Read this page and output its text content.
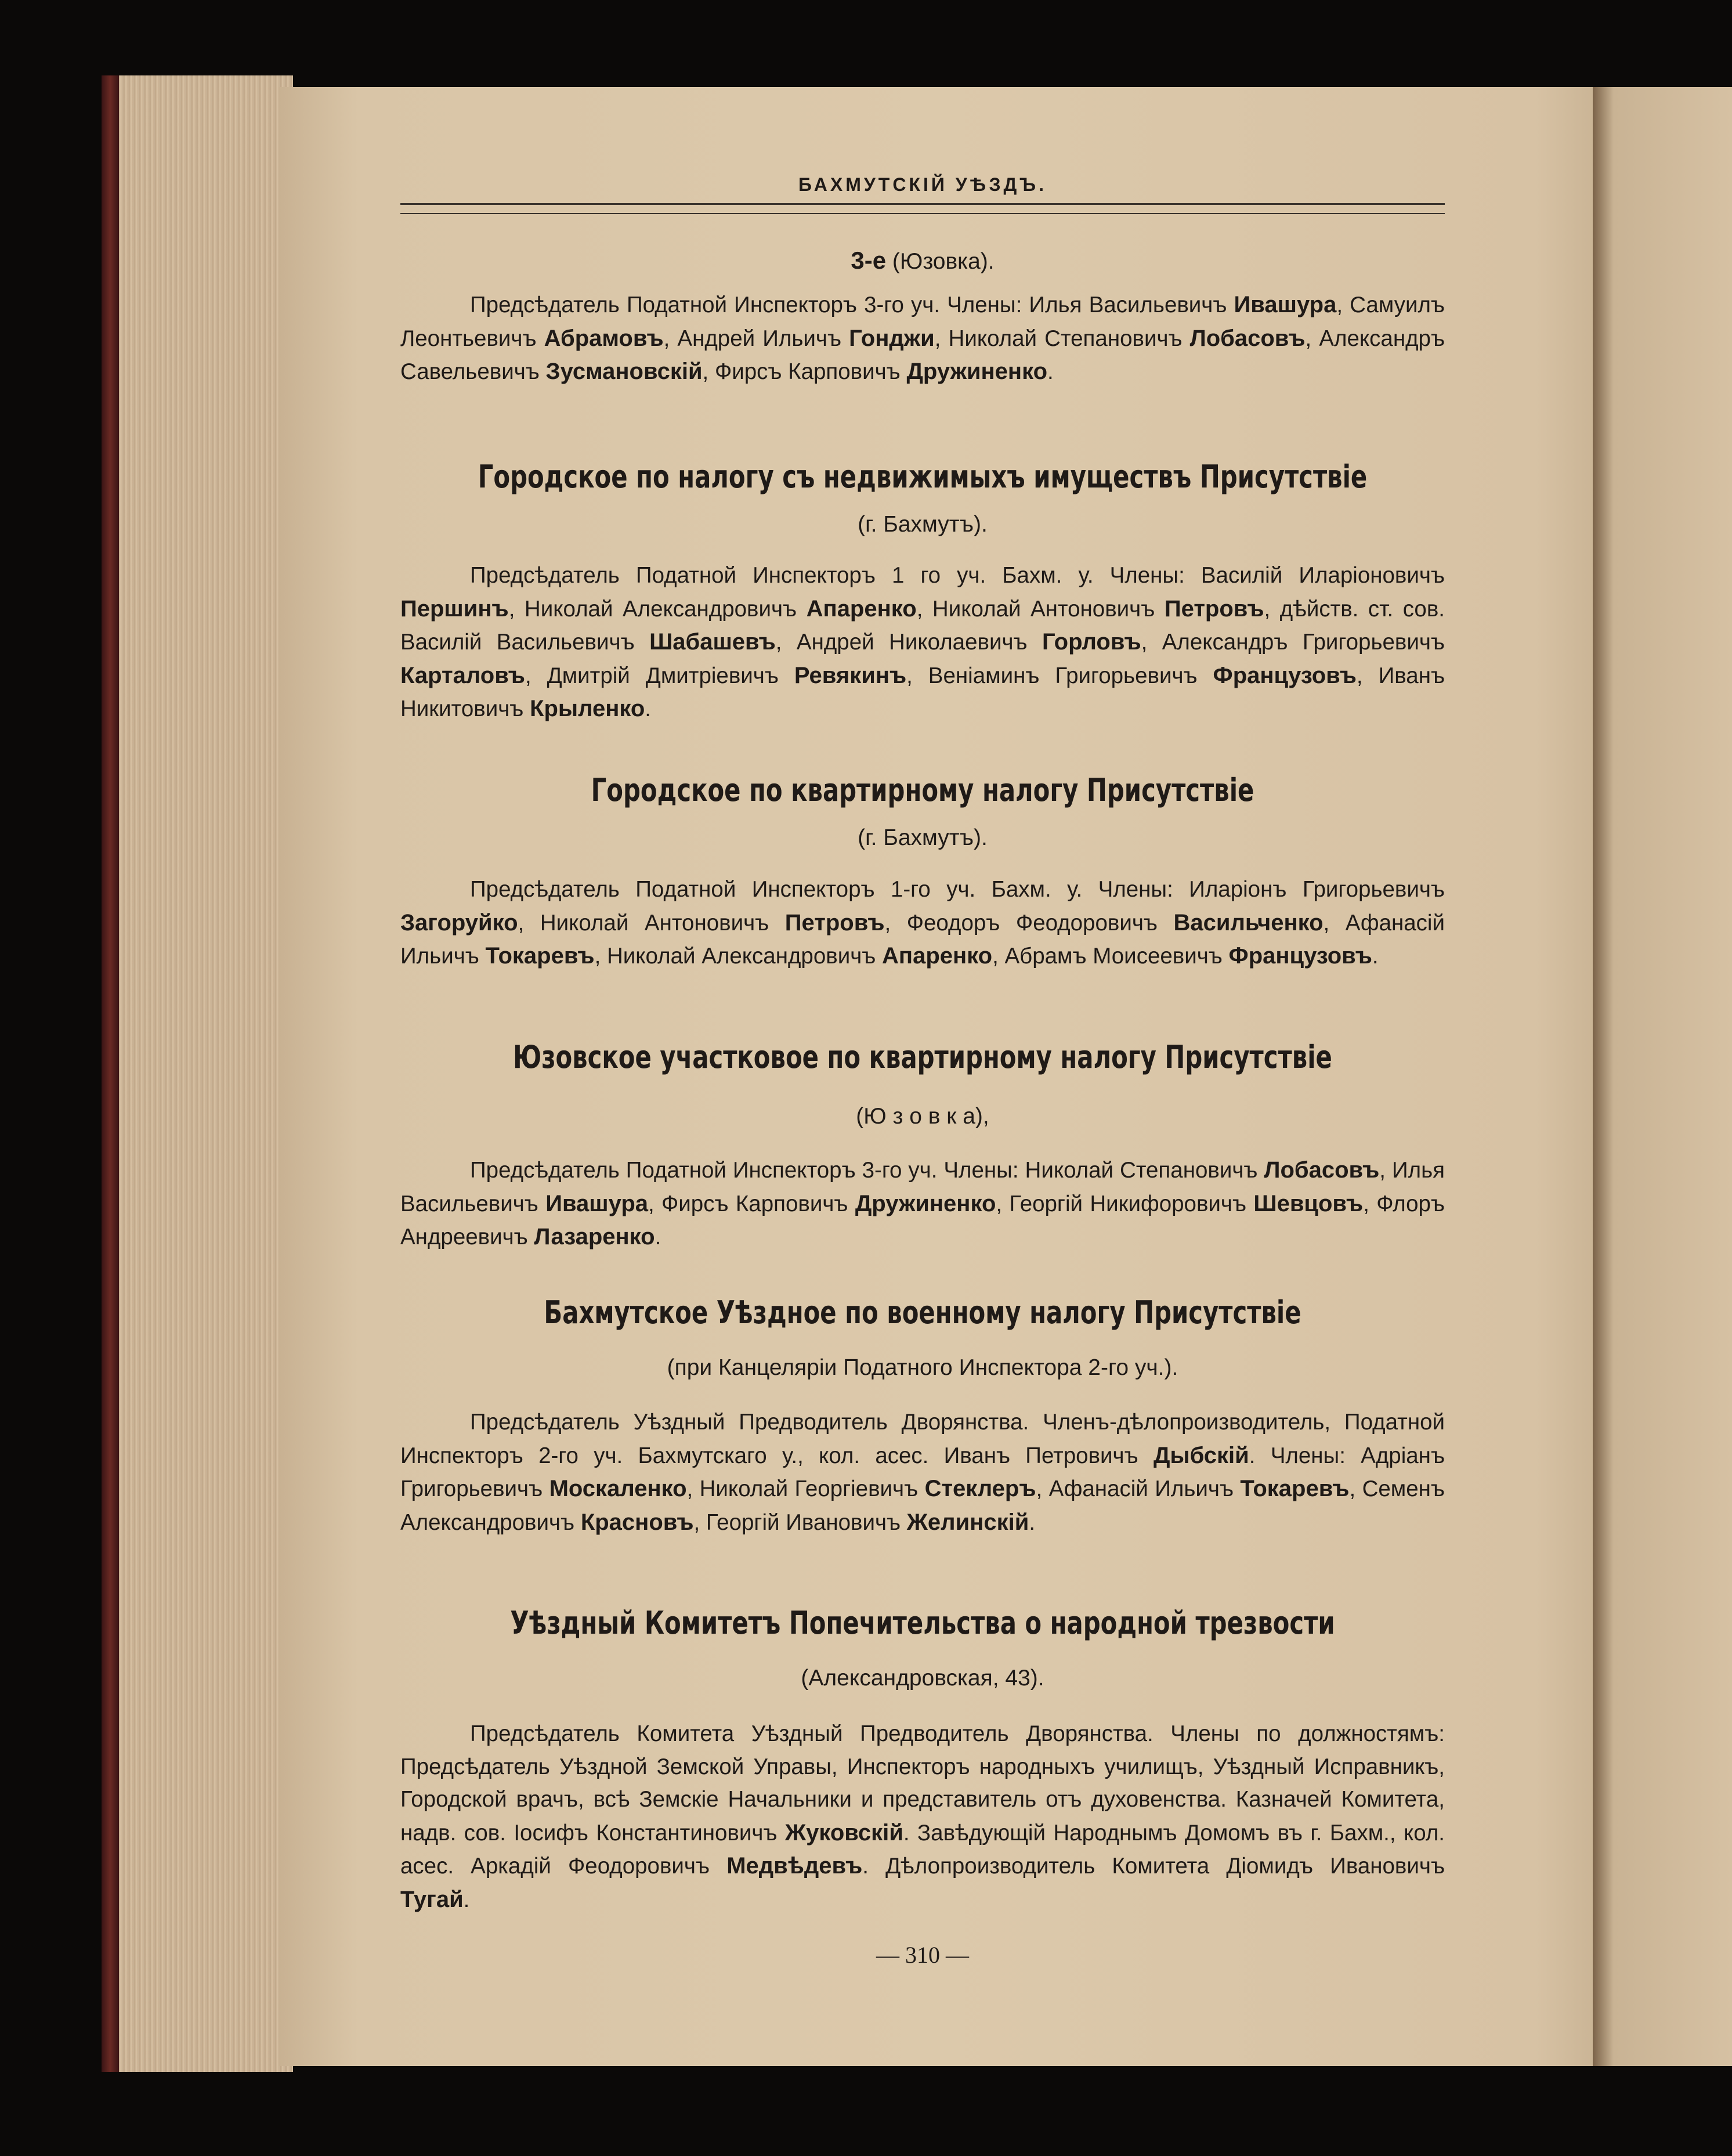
БАХМУТСКІЙ УѢЗДЪ.
3-е (Юзовка).
Предсѣдатель Податной Инспекторъ 3-го уч. Члены: Илья Васильевичъ Ивашура, Самуилъ Леонтьевичъ Абрамовъ, Андрей Ильичъ Гонджи, Николай Степановичъ Лобасовъ, Александръ Савельевичъ Зусмановскій, Фирсъ Карповичъ Дружиненко.
Городское по налогу съ недвижимыхъ имуществъ Присутствіе
(г. Бахмутъ).
Предсѣдатель Податной Инспекторъ 1 го уч. Бахм. у. Члены: Василій Иларіоновичъ Першинъ, Николай Александровичъ Апаренко, Николай Антоновичъ Петровъ, дѣйств. ст. сов. Василій Васильевичъ Шабашевъ, Андрей Николаевичъ Горловъ, Александръ Григорьевичъ Карталовъ, Дмитрій Дмитріевичъ Ревякинъ, Веніаминъ Григорьевичъ Французовъ, Иванъ Никитовичъ Крыленко.
Городское по квартирному налогу Присутствіе
(г. Бахмутъ).
Предсѣдатель Податной Инспекторъ 1-го уч. Бахм. у. Члены: Иларіонъ Григорьевичъ Загоруйко, Николай Антоновичъ Петровъ, Феодоръ Феодоровичъ Васильченко, Афанасій Ильичъ Токаревъ, Николай Александровичъ Апаренко, Абрамъ Моисеевичъ Французовъ.
Юзовское участковое по квартирному налогу Присутствіе
(Ю з о в к а),
Предсѣдатель Податной Инспекторъ 3-го уч. Члены: Николай Степановичъ Лобасовъ, Илья Васильевичъ Ивашура, Фирсъ Карповичъ Дружиненко, Георгій Никифоровичъ Шевцовъ, Флоръ Андреевичъ Лазаренко.
Бахмутское Уѣздное по военному налогу Присутствіе
(при Канцеляріи Податного Инспектора 2-го уч.).
Предсѣдатель Уѣздный Предводитель Дворянства. Членъ-дѣлопроизводитель, Податной Инспекторъ 2-го уч. Бахмутскаго у., кол. асес. Иванъ Петровичъ Дыбскій. Члены: Адріанъ Григорьевичъ Москаленко, Николай Георгіевичъ Стеклеръ, Афанасій Ильичъ Токаревъ, Семенъ Александровичъ Красновъ, Георгій Ивановичъ Желинскій.
Уѣздный Комитетъ Попечительства о народной трезвости
(Александровская, 43).
Предсѣдатель Комитета Уѣздный Предводитель Дворянства. Члены по должностямъ: Предсѣдатель Уѣздной Земской Управы, Инспекторъ народныхъ училищъ, Уѣздный Исправникъ, Городской врачъ, всѣ Земскіе Начальники и представитель отъ духовенства. Казначей Комитета, надв. сов. Іосифъ Константиновичъ Жуковскій. Завѣдующій Народнымъ Домомъ въ г. Бахм., кол. асес. Аркадій Феодоровичъ Медвѣдевъ. Дѣлопроизводитель Комитета Діомидъ Ивановичъ Тугай.
— 310 —
